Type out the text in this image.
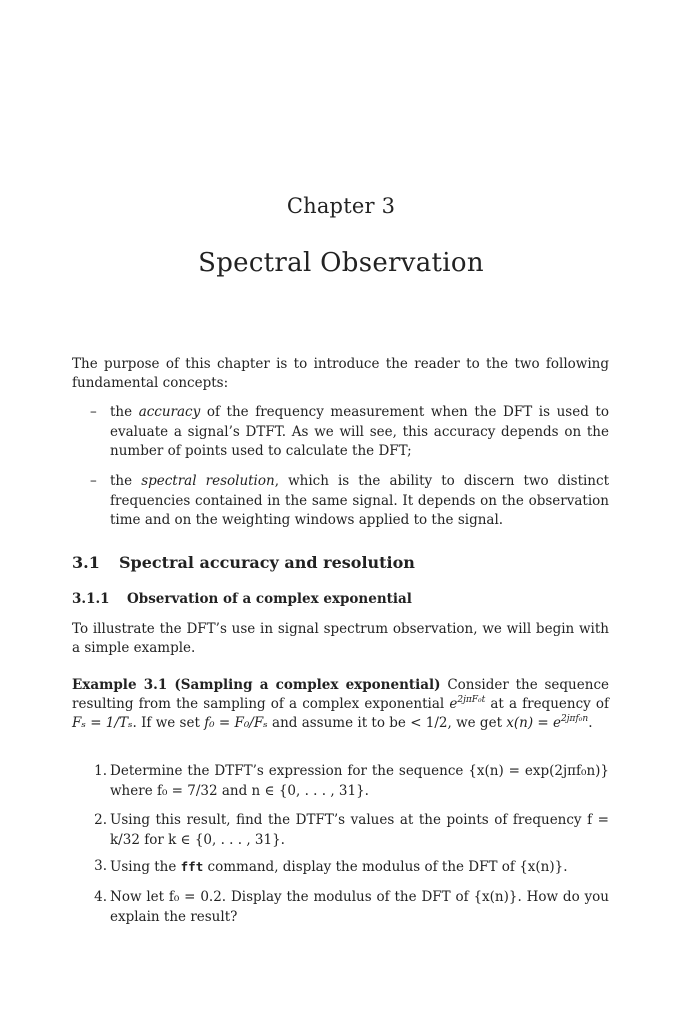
Chapter 3
Spectral Observation

The purpose of this chapter is to introduce the reader to the two following fundamental concepts:

– the accuracy of the frequency measurement when the DFT is used to evaluate a signal’s DTFT. As we will see, this accuracy depends on the number of points used to calculate the DFT;

– the spectral resolution, which is the ability to discern two distinct frequencies contained in the same signal. It depends on the observation time and on the weighting windows applied to the signal.

3.1 Spectral accuracy and resolution
3.1.1 Observation of a complex exponential

To illustrate the DFT’s use in signal spectrum observation, we will begin with a simple example.

Example 3.1 (Sampling a complex exponential) Consider the sequence resulting from the sampling of a complex exponential $e^{2j\pi F_0t}$ at a frequency of Fₛ = 1/Tₛ. If we set f₀ = F₀/Fₛ and assume it to be < 1/2, we get $x(n) = e^{2j\pi f_0n}$.

1. Determine the DTFT’s expression for the sequence {x(n) = exp(2jπf₀n)} where f₀ = 7/32 and n ∈ {0, . . . , 31}.

2. Using this result, find the DTFT’s values at the points of frequency f = k/32 for k ∈ {0, . . . , 31}.

3. Using the fft command, display the modulus of the DFT of {x(n)}.

4. Now let f₀ = 0.2. Display the modulus of the DFT of {x(n)}. How do you explain the result?
